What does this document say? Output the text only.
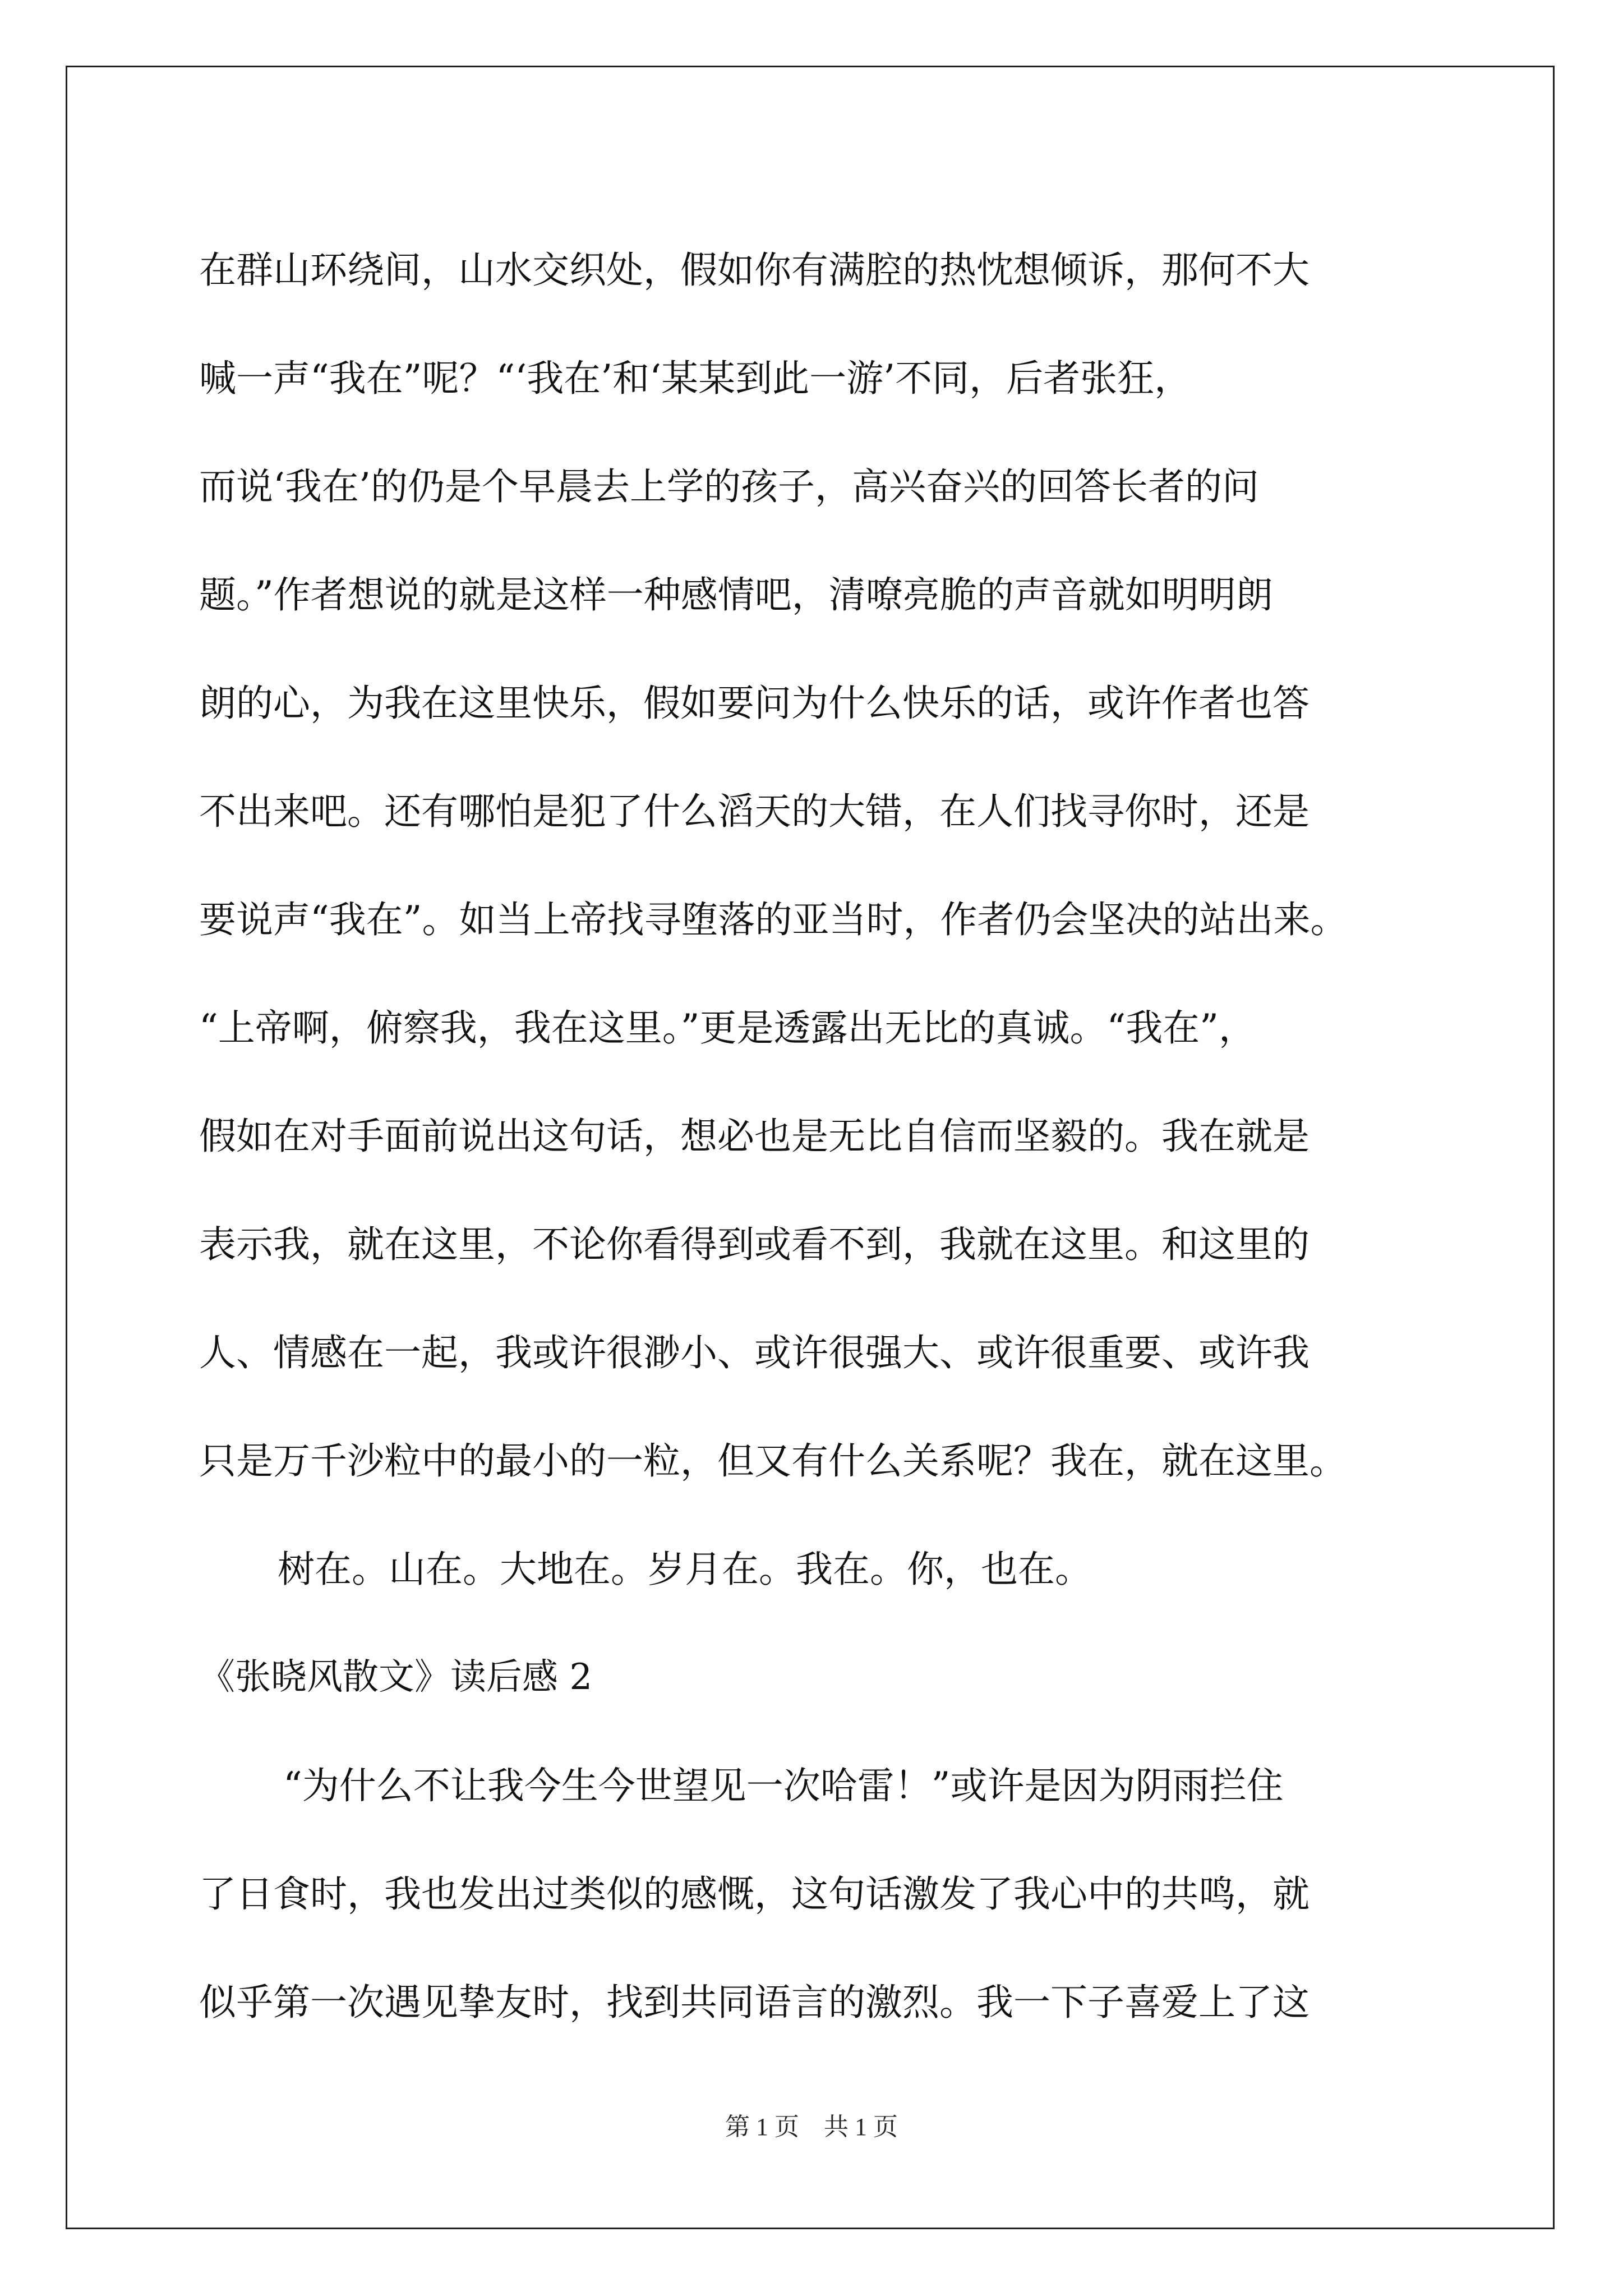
在群山环绕间，山水交织处，假如你有满腔的热忱想倾诉，那何不大
喊一声“我在”呢？“‘我在’和‘某某到此一游’不同，后者张狂，
而说‘我在’的仍是个早晨去上学的孩子，高兴奋兴的回答长者的问
题。”作者想说的就是这样一种感情吧，清嘹亮脆的声音就如明明朗
朗的心，为我在这里快乐，假如要问为什么快乐的话，或许作者也答
不出来吧。还有哪怕是犯了什么滔天的大错，在人们找寻你时，还是
要说声“我在”。如当上帝找寻堕落的亚当时，作者仍会坚决的站出来。
“上帝啊，俯察我，我在这里。”更是透露出无比的真诚。“我在”，
假如在对手面前说出这句话，想必也是无比自信而坚毅的。我在就是
表示我，就在这里，不论你看得到或看不到，我就在这里。和这里的
人、情感在一起，我或许很渺小、或许很强大、或许很重要、或许我
只是万千沙粒中的最小的一粒，但又有什么关系呢？我在，就在这里。
树在。山在。大地在。岁月在。我在。你，也在。
《张晓风散文》读后感 2
“为什么不让我今生今世望见一次哈雷！”或许是因为阴雨拦住
了日食时，我也发出过类似的感慨，这句话激发了我心中的共鸣，就
似乎第一次遇见挚友时，找到共同语言的激烈。我一下子喜爱上了这
第 1 页　共 1 页
